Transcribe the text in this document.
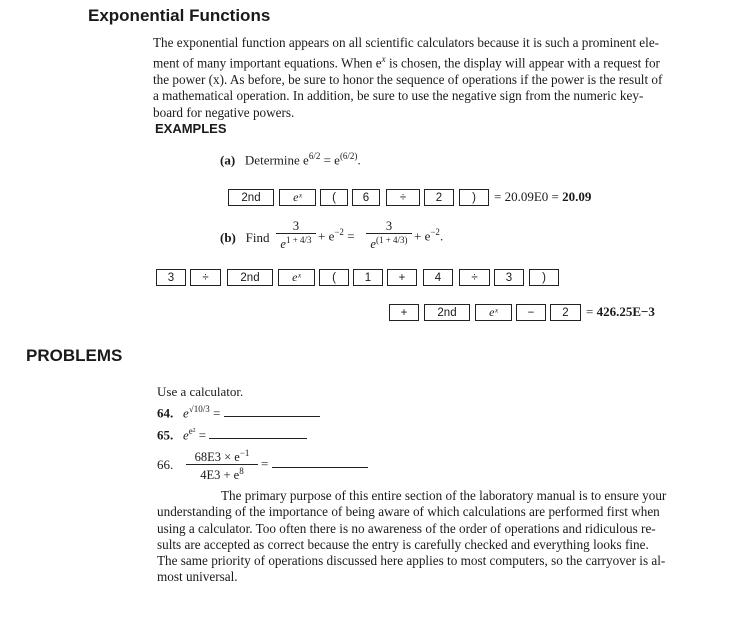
Exponential Functions
The exponential function appears on all scientific calculators because it is such a prominent ele-
ment of many important equations. When $e^x$ is chosen, the display will appear with a request for
the power (x). As before, be sure to honor the sequence of operations if the power is the result of
a mathematical operation. In addition, be sure to use the negative sign from the numeric key-
board for negative powers.
EXAMPLES
(a) Determine $e^{6/2} = e^{(6/2)}$.
2nd	eˣ	(	6	÷	2	)	= 20.09E0 = 20.09
(b) Find $\frac{3}{e^{1 + 4/3}} + e^{-2} = \frac{3}{e^{(1 + 4/3)}} + e^{-2}$.
3	÷	2nd	eˣ	(	1	+	4	÷	3	)
+	2nd	eˣ	−	2	= 426.25E−3
PROBLEMS
Use a calculator.
64. $e^{√10/3}$ =
65. $e^{e^2}$ =
66. $\frac{68E3 \times e^{-1}}{4E3 + e^8}$ =
The primary purpose of this entire section of the laboratory manual is to ensure your
understanding of the importance of being aware of which calculations are performed first when
using a calculator. Too often there is no awareness of the order of operations and ridiculous re-
sults are accepted as correct because the entry is carefully checked and everything looks fine.
The same priority of operations discussed here applies to most computers, so the carryover is al-
most universal.
